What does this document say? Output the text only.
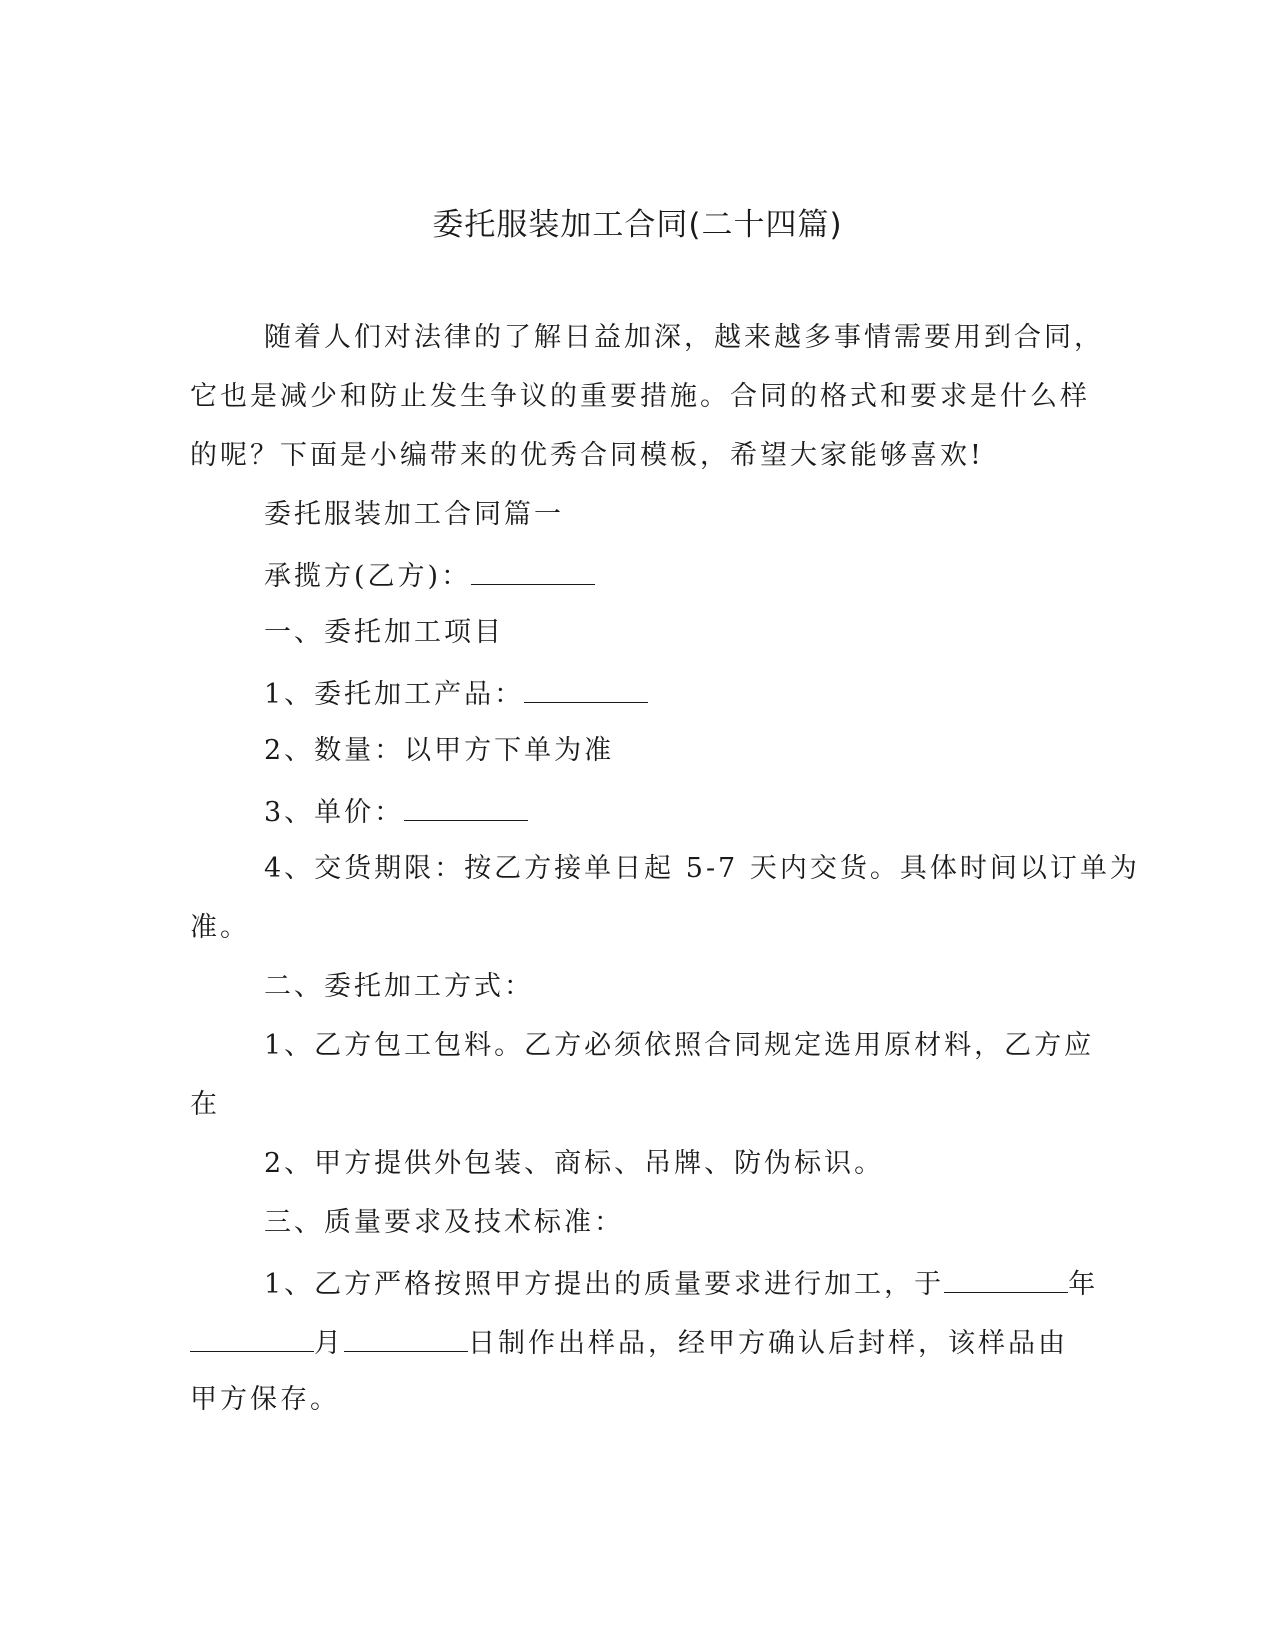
委托服装加工合同(二十四篇)

随着人们对法律的了解日益加深，越来越多事情需要用到合同，

它也是减少和防止发生争议的重要措施。合同的格式和要求是什么样

的呢？下面是小编带来的优秀合同模板，希望大家能够喜欢!

委托服装加工合同篇一

承揽方(乙方)：

一、委托加工项目

1、委托加工产品：

2、数量：以甲方下单为准

3、单价：

4、交货期限：按乙方接单日起 5-7 天内交货。具体时间以订单为

准。

二、委托加工方式：

1、乙方包工包料。乙方必须依照合同规定选用原材料，乙方应

在

2、甲方提供外包装、商标、吊牌、防伪标识。

三、质量要求及技术标准：

1、乙方严格按照甲方提出的质量要求进行加工，于	年

月	日制作出样品，经甲方确认后封样，该样品由

甲方保存。
